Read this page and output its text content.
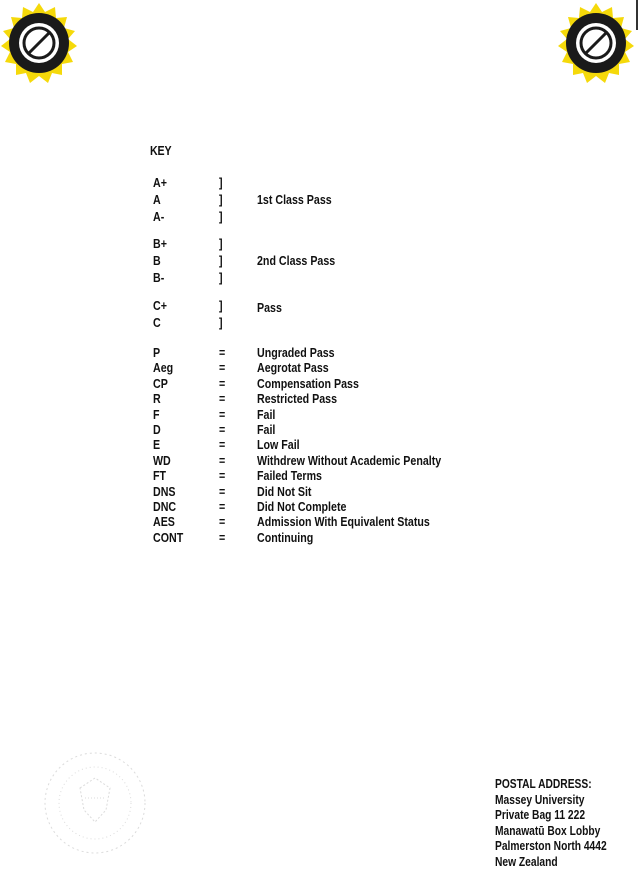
KEY
A+	]
A	]
A-	]
1st Class Pass
B+	]
B	]
B-	]
2nd Class Pass
C+	]
C	]
Pass
P	= Ungraded Pass
Aeg	= Aegrotat Pass
CP	= Compensation Pass
R	= Restricted Pass
F	= Fail
D	= Fail
E	= Low Fail
WD	= Withdrew Without Academic Penalty
FT	= Failed Terms
DNS	= Did Not Sit
DNC	= Did Not Complete
AES	= Admission With Equivalent Status
CONT	= Continuing
POSTAL ADDRESS:
Massey University
Private Bag 11 222
Manawatū Box Lobby
Palmerston North 4442
New Zealand
